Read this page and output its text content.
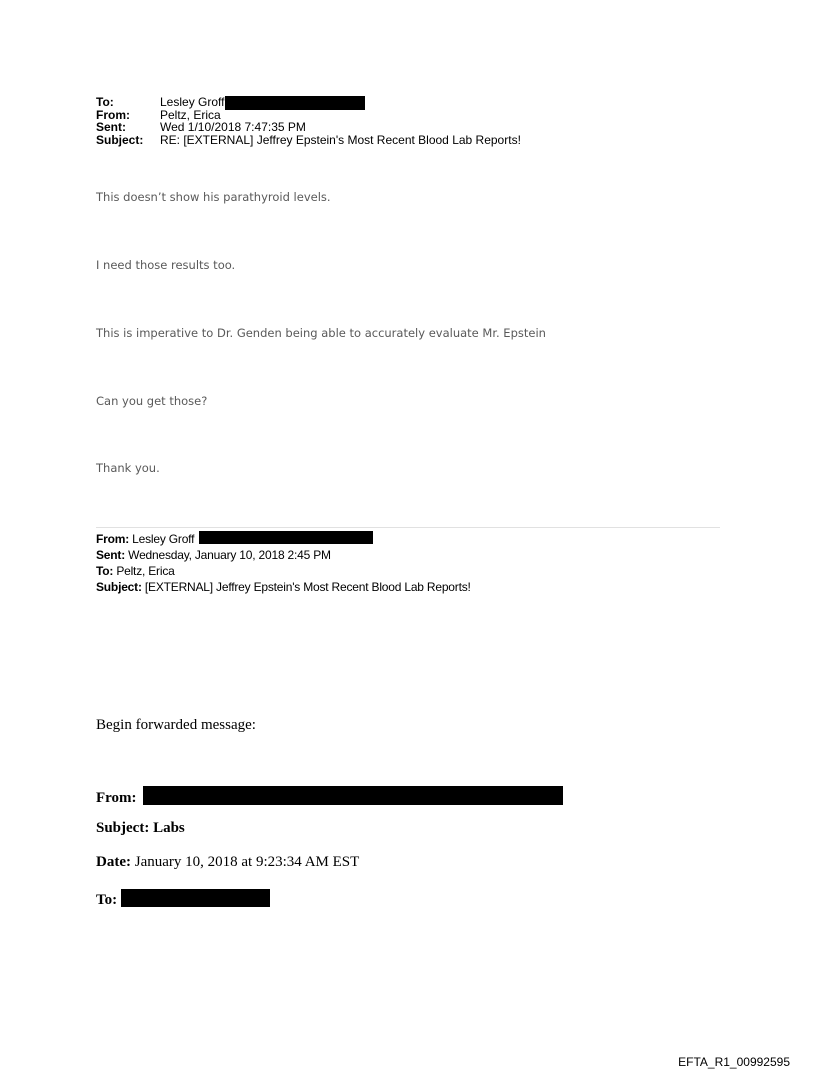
To:	Lesley Groff
From:	Peltz, Erica
Sent:	Wed 1/10/2018 7:47:35 PM
Subject:	RE: [EXTERNAL] Jeffrey Epstein's Most Recent Blood Lab Reports!
This doesn’t show his parathyroid levels.
I need those results too.
This is imperative to Dr. Genden being able to accurately evaluate Mr. Epstein
Can you get those?
Thank you.
From: Lesley Groff
Sent: Wednesday, January 10, 2018 2:45 PM
To: Peltz, Erica
Subject: [EXTERNAL] Jeffrey Epstein's Most Recent Blood Lab Reports!
Begin forwarded message:
From:
Subject: Labs
Date: January 10, 2018 at 9:23:34 AM EST
To:
EFTA_R1_00992595
